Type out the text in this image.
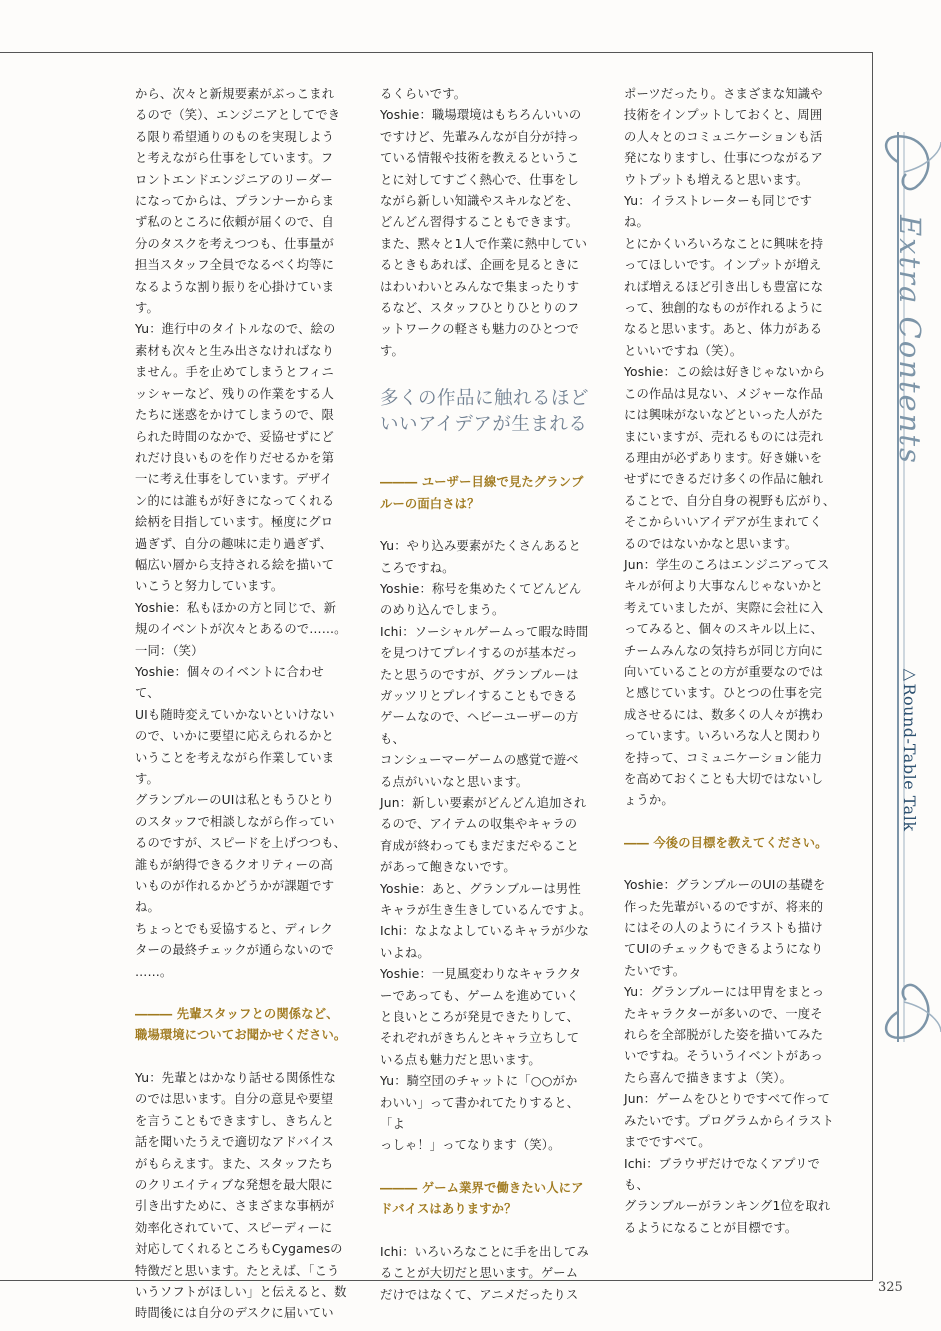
から、次々と新規要素がぶっこまれ

るので（笑）、エンジニアとしてでき

る限り希望通りのものを実現しよう

と考えながら仕事をしています。フ

ロントエンドエンジニアのリーダー

になってからは、プランナーからま

ず私のところに依頼が届くので、自

分のタスクを考えつつも、仕事量が

担当スタッフ全員でなるべく均等に

なるような割り振りを心掛けています。

Yu：進行中のタイトルなので、絵の

素材も次々と生み出さなければなり

ません。手を止めてしまうとフィニ

ッシャーなど、残りの作業をする人

たちに迷惑をかけてしまうので、限

られた時間のなかで、妥協せずにど

れだけ良いものを作りだせるかを第

一に考え仕事をしています。デザイ

ン的には誰もが好きになってくれる

絵柄を目指しています。極度にグロ

過ぎず、自分の趣味に走り過ぎず、

幅広い層から支持される絵を描いて

いこうと努力しています。

Yoshie：私もほかの方と同じで、新

規のイベントが次々とあるので……。

一同：（笑）

Yoshie：個々のイベントに合わせて、

UIも随時変えていかないといけない

ので、いかに要望に応えられるかと

いうことを考えながら作業しています。

グランブルーのUIは私ともうひとり

のスタッフで相談しながら作ってい

るのですが、スピードを上げつつも、

誰もが納得できるクオリティーの高

いものが作れるかどうかが課題ですね。

ちょっとでも妥協すると、ディレク

ターの最終チェックが通らないので

……。

――― 先輩スタッフとの関係など、職場環境についてお聞かせください。

Yu：先輩とはかなり話せる関係性な

のでは思います。自分の意見や要望

を言うこともできますし、きちんと

話を聞いたうえで適切なアドバイス

がもらえます。また、スタッフたち

のクリエイティブな発想を最大限に

引き出すために、さまざまな事柄が

効率化されていて、スピーディーに

対応してくれるところもCygamesの

特徴だと思います。たとえば、「こう

いうソフトがほしい」と伝えると、数

時間後には自分のデスクに届いてい

るくらいです。

Yoshie：職場環境はもちろんいいの

ですけど、先輩みんなが自分が持っ

ている情報や技術を教えるというこ

とに対してすごく熱心で、仕事をし

ながら新しい知識やスキルなどを、

どんどん習得することもできます。

また、黙々と1人で作業に熱中してい

るときもあれば、企画を見るときに

はわいわいとみんなで集まったりす

るなど、スタッフひとりひとりのフ

ットワークの軽さも魅力のひとつです。

多くの作品に触れるほどいいアイデアが生まれる

――― ユーザー目線で見たグランブルーの面白さは？

Yu：やり込み要素がたくさんあると

ころですね。

Yoshie：称号を集めたくてどんどん

のめり込んでしまう。

Ichi：ソーシャルゲームって暇な時間

を見つけてプレイするのが基本だっ

たと思うのですが、グランブルーは

ガッツリとプレイすることもできる

ゲームなので、ヘビーユーザーの方も、

コンシューマーゲームの感覚で遊べ

る点がいいなと思います。

Jun：新しい要素がどんどん追加され

るので、アイテムの収集やキャラの

育成が終わってもまだまだやること

があって飽きないです。

Yoshie：あと、グランブルーは男性

キャラが生き生きしているんですよ。

Ichi：なよなよしているキャラが少な

いよね。

Yoshie：一見風変わりなキャラクタ

ーであっても、ゲームを進めていく

と良いところが発見できたりして、

それぞれがきちんとキャラ立ちして

いる点も魅力だと思います。

Yu：騎空団のチャットに「○○がか

わいい」って書かれてたりすると、「よ

っしゃ！」ってなります（笑）。

――― ゲーム業界で働きたい人にアドバイスはありますか？

Ichi：いろいろなことに手を出してみ

ることが大切だと思います。ゲーム

だけではなくて、アニメだったりス

ポーツだったり。さまざまな知識や

技術をインプットしておくと、周囲

の人々とのコミュニケーションも活

発になりますし、仕事につながるア

ウトプットも増えると思います。

Yu：イラストレーターも同じですね。

とにかくいろいろなことに興味を持

ってほしいです。インプットが増え

れば増えるほど引き出しも豊富にな

って、独創的なものが作れるように

なると思います。あと、体力がある

といいですね（笑）。

Yoshie：この絵は好きじゃないから

この作品は見ない、メジャーな作品

には興味がないなどといった人がた

まにいますが、売れるものには売れ

る理由が必ずあります。好き嫌いを

せずにできるだけ多くの作品に触れ

ることで、自分自身の視野も広がり、

そこからいいアイデアが生まれてく

るのではないかなと思います。

Jun：学生のころはエンジニアってス

キルが何より大事なんじゃないかと

考えていましたが、実際に会社に入

ってみると、個々のスキル以上に、

チームみんなの気持ちが同じ方向に

向いていることの方が重要なのでは

と感じています。ひとつの仕事を完

成させるには、数多くの人々が携わ

っています。いろいろな人と関わり

を持って、コミュニケーション能力

を高めておくことも大切ではないし

ょうか。

―― 今後の目標を教えてください。

Yoshie：グランブルーのUIの基礎を

作った先輩がいるのですが、将来的

にはその人のようにイラストも描け

てUIのチェックもできるようになり

たいです。

Yu：グランブルーには甲冑をまとっ

たキャラクターが多いので、一度そ

れらを全部脱がした姿を描いてみた

いですね。そういうイベントがあっ

たら喜んで描きますよ（笑）。

Jun：ゲームをひとりですべて作って

みたいです。プログラムからイラスト

までですべて。

Ichi：ブラウザだけでなくアプリでも、

グランブルーがランキング1位を取れ

るようになることが目標です。

Extra Contents
▷Round-Table Talk
325
